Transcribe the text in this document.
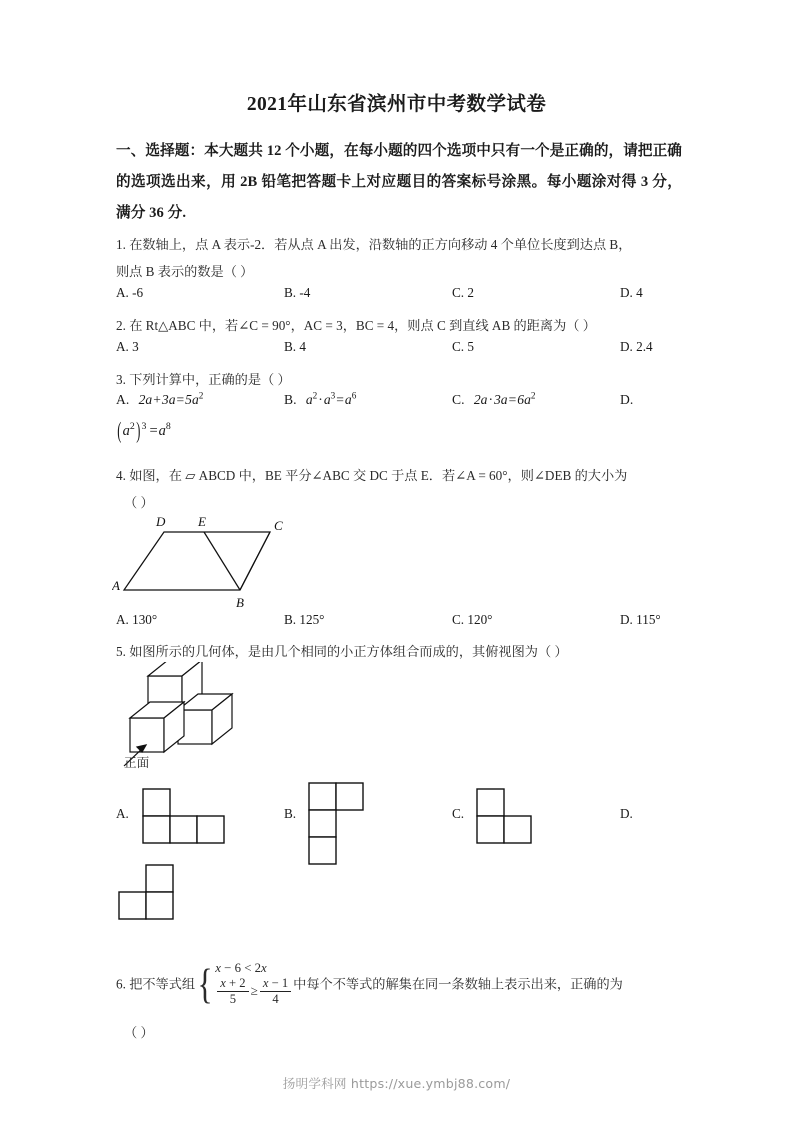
2021年山东省滨州市中考数学试卷
一、选择题：本大题共 12 个小题，在每小题的四个选项中只有一个是正确的，请把正确的选项选出来，用 2B 铅笔把答题卡上对应题目的答案标号涂黑。每小题涂对得 3 分，满分 36 分.
1. 在数轴上，点 A 表示-2．若从点 A 出发，沿数轴的正方向移动 4 个单位长度到达点 B，
则点 B 表示的数是（ ）
A. -6	B. -4	C. 2	D. 4
2. 在 Rt△ABC 中，若∠C = 90°，AC = 3，BC = 4，则点 C 到直线 AB 的距离为（ ）
A. 3	B. 4	C. 5	D. 2.4
3. 下列计算中，正确的是（ ）
A. $2a+3a=5a^2$	B. $a^2\cdot a^3=a^6$	C. $2a\cdot 3a=6a^2$	D.
$(a^2)^3 =a^8$
4. 如图，在 ▱ ABCD 中，BE 平分∠ABC 交 DC 于点 E．若∠A = 60°，则∠DEB 的大小为
（ ）
D	E	C
A
B
A. 130°	B. 125°	C. 120°	D. 115°
5. 如图所示的几何体，是由几个相同的小正方体组合而成的，其俯视图为（ ）
正面
A.	B.	C.	D.
6. 把不等式组{ x − 6 < 2x
$\frac{x + 2}{5} \ge \frac{x - 1}{4}$ 中每个不等式的解集在同一条数轴上表示出来，正确的为
（ ）
扬明学科网 https://xue.ymbj88.com/
